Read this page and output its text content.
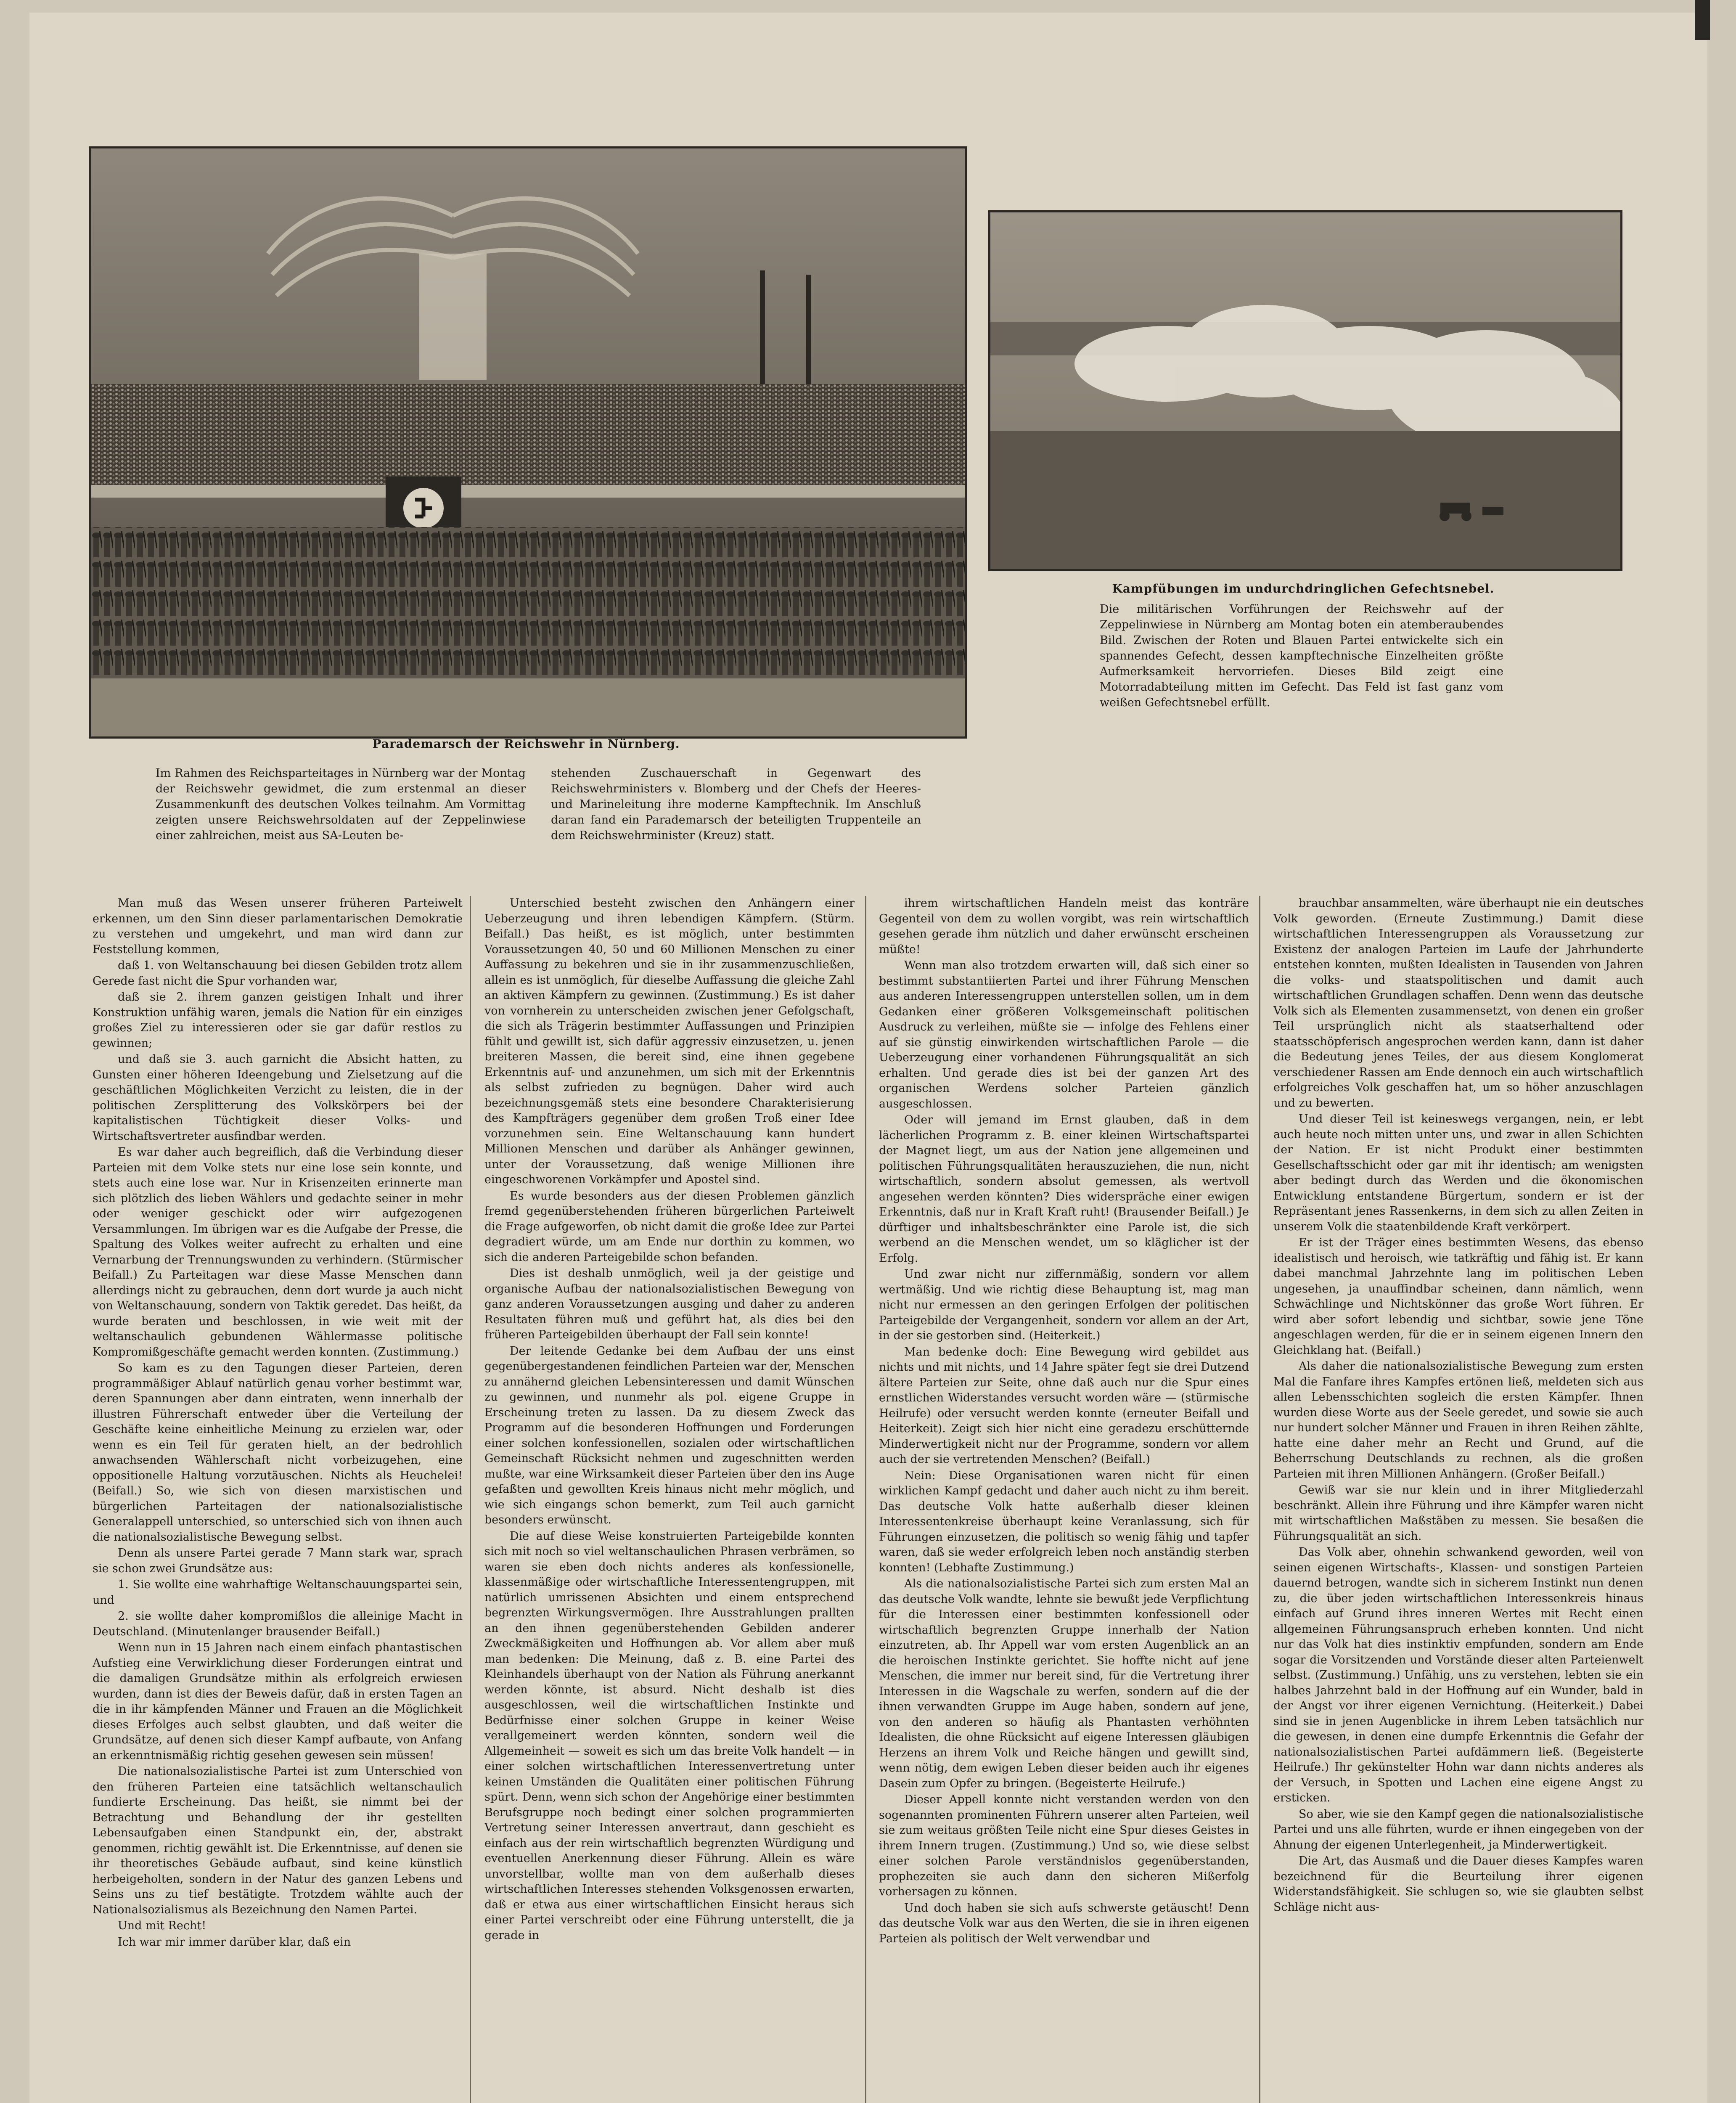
Parademarsch der Reichswehr in Nürnberg.
Kampfübungen im undurchdringlichen Gefechtsnebel.
Die militärischen Vorführungen der Reichswehr auf der Zeppelinwiese in Nürnberg am Montag boten ein atemberaubendes Bild. Zwischen der Roten und Blauen Partei entwickelte sich ein spannendes Gefecht, dessen kampftechnische Einzelheiten größte Aufmerksamkeit hervorriefen. Dieses Bild zeigt eine Motorradabteilung mitten im Gefecht. Das Feld ist fast ganz vom weißen Gefechtsnebel erfüllt.
Im Rahmen des Reichsparteitages in Nürnberg war der Montag der Reichswehr gewidmet, die zum erstenmal an dieser Zusammenkunft des deutschen Volkes teilnahm. Am Vormittag zeigten unsere Reichswehrsoldaten auf der Zeppelinwiese einer zahlreichen, meist aus SA-Leuten be-
stehenden Zuschauerschaft in Gegenwart des Reichswehrministers v. Blomberg und der Chefs der Heeres- und Marineleitung ihre moderne Kampftechnik. Im Anschluß daran fand ein Parademarsch der beteiligten Truppenteile an dem Reichswehrminister (Kreuz) statt.

Man muß das Wesen unserer früheren Parteiwelt erkennen, um den Sinn dieser parlamentarischen Demokratie zu verstehen und umgekehrt, und man wird dann zur Feststellung kommen,

daß 1. von Weltanschauung bei diesen Gebilden trotz allem Gerede fast nicht die Spur vorhanden war,

daß sie 2. ihrem ganzen geistigen Inhalt und ihrer Konstruktion unfähig waren, jemals die Nation für ein einziges großes Ziel zu interessieren oder sie gar dafür restlos zu gewinnen;

und daß sie 3. auch garnicht die Absicht hatten, zu Gunsten einer höheren Ideengebung und Zielsetzung auf die geschäftlichen Möglichkeiten Verzicht zu leisten, die in der politischen Zersplitterung des Volkskörpers bei der kapitalistischen Tüchtigkeit dieser Volks- und Wirtschaftsvertreter ausfindbar werden.

Es war daher auch begreiflich, daß die Verbindung dieser Parteien mit dem Volke stets nur eine lose sein konnte, und stets auch eine lose war. Nur in Krisenzeiten erinnerte man sich plötzlich des lieben Wählers und gedachte seiner in mehr oder weniger geschickt oder wirr aufgezogenen Versammlungen. Im übrigen war es die Aufgabe der Presse, die Spaltung des Volkes weiter aufrecht zu erhalten und eine Vernarbung der Trennungswunden zu verhindern. (Stürmischer Beifall.) Zu Parteitagen war diese Masse Menschen dann allerdings nicht zu gebrauchen, denn dort wurde ja auch nicht von Weltanschauung, sondern von Taktik geredet. Das heißt, da wurde beraten und beschlossen, in wie weit mit der weltanschaulich gebundenen Wählermasse politische Kompromißgeschäfte gemacht werden konnten. (Zustimmung.)

So kam es zu den Tagungen dieser Parteien, deren programmäßiger Ablauf natürlich genau vorher bestimmt war, deren Spannungen aber dann eintraten, wenn innerhalb der illustren Führerschaft entweder über die Verteilung der Geschäfte keine einheitliche Meinung zu erzielen war, oder wenn es ein Teil für geraten hielt, an der bedrohlich anwachsenden Wählerschaft nicht vorbeizugehen, eine oppositionelle Haltung vorzutäuschen. Nichts als Heuchelei! (Beifall.) So, wie sich von diesen marxistischen und bürgerlichen Parteitagen der nationalsozialistische Generalappell unterschied, so unterschied sich von ihnen auch die nationalsozialistische Bewegung selbst.

Denn als unsere Partei gerade 7 Mann stark war, sprach sie schon zwei Grundsätze aus:

1. Sie wollte eine wahrhaftige Weltanschauungspartei sein, und

2. sie wollte daher kompromißlos die alleinige Macht in Deutschland. (Minutenlanger brausender Beifall.)

Wenn nun in 15 Jahren nach einem einfach phantastischen Aufstieg eine Verwirklichung dieser Forderungen eintrat und die damaligen Grundsätze mithin als erfolgreich erwiesen wurden, dann ist dies der Beweis dafür, daß in ersten Tagen an die in ihr kämpfenden Männer und Frauen an die Möglichkeit dieses Erfolges auch selbst glaubten, und daß weiter die Grundsätze, auf denen sich dieser Kampf aufbaute, von Anfang an erkenntnismäßig richtig gesehen gewesen sein müssen!

Die nationalsozialistische Partei ist zum Unterschied von den früheren Parteien eine tatsächlich weltanschaulich fundierte Erscheinung. Das heißt, sie nimmt bei der Betrachtung und Behandlung der ihr gestellten Lebensaufgaben einen Standpunkt ein, der, abstrakt genommen, richtig gewählt ist. Die Erkenntnisse, auf denen sie ihr theoretisches Gebäude aufbaut, sind keine künstlich herbeigeholten, sondern in der Natur des ganzen Lebens und Seins uns zu tief bestätigte. Trotzdem wählte auch der Nationalsozialismus als Bezeichnung den Namen Partei.

Und mit Recht!

Ich war mir immer darüber klar, daß ein

Unterschied besteht zwischen den Anhängern einer Ueberzeugung und ihren lebendigen Kämpfern. (Stürm. Beifall.) Das heißt, es ist möglich, unter bestimmten Voraussetzungen 40, 50 und 60 Millionen Menschen zu einer Auffassung zu bekehren und sie in ihr zusammenzuschließen, allein es ist unmöglich, für dieselbe Auffassung die gleiche Zahl an aktiven Kämpfern zu gewinnen. (Zustimmung.) Es ist daher von vornherein zu unterscheiden zwischen jener Gefolgschaft, die sich als Trägerin bestimmter Auffassungen und Prinzipien fühlt und gewillt ist, sich dafür aggressiv einzusetzen, u. jenen breiteren Massen, die bereit sind, eine ihnen gegebene Erkenntnis auf- und anzunehmen, um sich mit der Erkenntnis als selbst zufrieden zu begnügen. Daher wird auch bezeichnungsgemäß stets eine besondere Charakterisierung des Kampfträgers gegenüber dem großen Troß einer Idee vorzunehmen sein. Eine Weltanschauung kann hundert Millionen Menschen und darüber als Anhänger gewinnen, unter der Voraussetzung, daß wenige Millionen ihre eingeschworenen Vorkämpfer und Apostel sind.

Es wurde besonders aus der diesen Problemen gänzlich fremd gegenüberstehenden früheren bürgerlichen Parteiwelt die Frage aufgeworfen, ob nicht damit die große Idee zur Partei degradiert würde, um am Ende nur dorthin zu kommen, wo sich die anderen Parteigebilde schon befanden.

Dies ist deshalb unmöglich, weil ja der geistige und organische Aufbau der nationalsozialistischen Bewegung von ganz anderen Voraussetzungen ausging und daher zu anderen Resultaten führen muß und geführt hat, als dies bei den früheren Parteigebilden überhaupt der Fall sein konnte!

Der leitende Gedanke bei dem Aufbau der uns einst gegenübergestandenen feindlichen Parteien war der, Menschen zu annähernd gleichen Lebensinteressen und damit Wünschen zu gewinnen, und nunmehr als pol. eigene Gruppe in Erscheinung treten zu lassen. Da zu diesem Zweck das Programm auf die besonderen Hoffnungen und Forderungen einer solchen konfessionellen, sozialen oder wirtschaftlichen Gemeinschaft Rücksicht nehmen und zugeschnitten werden mußte, war eine Wirksamkeit dieser Parteien über den ins Auge gefaßten und gewollten Kreis hinaus nicht mehr möglich, und wie sich eingangs schon bemerkt, zum Teil auch garnicht besonders erwünscht.

Die auf diese Weise konstruierten Parteigebilde konnten sich mit noch so viel weltanschaulichen Phrasen verbrämen, so waren sie eben doch nichts anderes als konfessionelle, klassenmäßige oder wirtschaftliche Interessentengruppen, mit natürlich umrissenen Absichten und einem entsprechend begrenzten Wirkungsvermögen. Ihre Ausstrahlungen prallten an den ihnen gegenüberstehenden Gebilden anderer Zweckmäßigkeiten und Hoffnungen ab. Vor allem aber muß man bedenken: Die Meinung, daß z. B. eine Partei des Kleinhandels überhaupt von der Nation als Führung anerkannt werden könnte, ist absurd. Nicht deshalb ist dies ausgeschlossen, weil die wirtschaftlichen Instinkte und Bedürfnisse einer solchen Gruppe in keiner Weise verallgemeinert werden könnten, sondern weil die Allgemeinheit — soweit es sich um das breite Volk handelt — in einer solchen wirtschaftlichen Interessenvertretung unter keinen Umständen die Qualitäten einer politischen Führung spürt. Denn, wenn sich schon der Angehörige einer bestimmten Berufsgruppe noch bedingt einer solchen programmierten Vertretung seiner Interessen anvertraut, dann geschieht es einfach aus der rein wirtschaftlich begrenzten Würdigung und eventuellen Anerkennung dieser Führung. Allein es wäre unvorstellbar, wollte man von dem außerhalb dieses wirtschaftlichen Interesses stehenden Volksgenossen erwarten, daß er etwa aus einer wirtschaftlichen Einsicht heraus sich einer Partei verschreibt oder eine Führung unterstellt, die ja gerade in

ihrem wirtschaftlichen Handeln meist das konträre Gegenteil von dem zu wollen vorgibt, was rein wirtschaftlich gesehen gerade ihm nützlich und daher erwünscht erscheinen müßte!

Wenn man also trotzdem erwarten will, daß sich einer so bestimmt substantiierten Partei und ihrer Führung Menschen aus anderen Interessengruppen unterstellen sollen, um in dem Gedanken einer größeren Volksgemeinschaft politischen Ausdruck zu verleihen, müßte sie — infolge des Fehlens einer auf sie günstig einwirkenden wirtschaftlichen Parole — die Ueberzeugung einer vorhandenen Führungsqualität an sich erhalten. Und gerade dies ist bei der ganzen Art des organischen Werdens solcher Parteien gänzlich ausgeschlossen.

Oder will jemand im Ernst glauben, daß in dem lächerlichen Programm z. B. einer kleinen Wirtschaftspartei der Magnet liegt, um aus der Nation jene allgemeinen und politischen Führungsqualitäten herauszuziehen, die nun, nicht wirtschaftlich, sondern absolut gemessen, als wertvoll angesehen werden könnten? Dies widerspräche einer ewigen Erkenntnis, daß nur in Kraft Kraft ruht! (Brausender Beifall.) Je dürftiger und inhaltsbeschränkter eine Parole ist, die sich werbend an die Menschen wendet, um so kläglicher ist der Erfolg.

Und zwar nicht nur ziffernmäßig, sondern vor allem wertmäßig. Und wie richtig diese Behauptung ist, mag man nicht nur ermessen an den geringen Erfolgen der politischen Parteigebilde der Vergangenheit, sondern vor allem an der Art, in der sie gestorben sind. (Heiterkeit.)

Man bedenke doch: Eine Bewegung wird gebildet aus nichts und mit nichts, und 14 Jahre später fegt sie drei Dutzend ältere Parteien zur Seite, ohne daß auch nur die Spur eines ernstlichen Widerstandes versucht worden wäre — (stürmische Heilrufe) oder versucht werden konnte (erneuter Beifall und Heiterkeit). Zeigt sich hier nicht eine geradezu erschütternde Minderwertigkeit nicht nur der Programme, sondern vor allem auch der sie vertretenden Menschen? (Beifall.)

Nein: Diese Organisationen waren nicht für einen wirklichen Kampf gedacht und daher auch nicht zu ihm bereit. Das deutsche Volk hatte außerhalb dieser kleinen Interessentenkreise überhaupt keine Veranlassung, sich für Führungen einzusetzen, die politisch so wenig fähig und tapfer waren, daß sie weder erfolgreich leben noch anständig sterben konnten! (Lebhafte Zustimmung.)

Als die nationalsozialistische Partei sich zum ersten Mal an das deutsche Volk wandte, lehnte sie bewußt jede Verpflichtung für die Interessen einer bestimmten konfessionell oder wirtschaftlich begrenzten Gruppe innerhalb der Nation einzutreten, ab. Ihr Appell war vom ersten Augenblick an an die heroischen Instinkte gerichtet. Sie hoffte nicht auf jene Menschen, die immer nur bereit sind, für die Vertretung ihrer Interessen in die Wagschale zu werfen, sondern auf die der ihnen verwandten Gruppe im Auge haben, sondern auf jene, von den anderen so häufig als Phantasten verhöhnten Idealisten, die ohne Rücksicht auf eigene Interessen gläubigen Herzens an ihrem Volk und Reiche hängen und gewillt sind, wenn nötig, dem ewigen Leben dieser beiden auch ihr eigenes Dasein zum Opfer zu bringen. (Begeisterte Heilrufe.)

Dieser Appell konnte nicht verstanden werden von den sogenannten prominenten Führern unserer alten Parteien, weil sie zum weitaus größten Teile nicht eine Spur dieses Geistes in ihrem Innern trugen. (Zustimmung.) Und so, wie diese selbst einer solchen Parole verständnislos gegenüberstanden, prophezeiten sie auch dann den sicheren Mißerfolg vorhersagen zu können.

Und doch haben sie sich aufs schwerste getäuscht! Denn das deutsche Volk war aus den Werten, die sie in ihren eigenen Parteien als politisch der Welt verwendbar und

brauchbar ansammelten, wäre überhaupt nie ein deutsches Volk geworden. (Erneute Zustimmung.) Damit diese wirtschaftlichen Interessengruppen als Voraussetzung zur Existenz der analogen Parteien im Laufe der Jahrhunderte entstehen konnten, mußten Idealisten in Tausenden von Jahren die volks- und staatspolitischen und damit auch wirtschaftlichen Grundlagen schaffen. Denn wenn das deutsche Volk sich als Elementen zusammensetzt, von denen ein großer Teil ursprünglich nicht als staatserhaltend oder staatsschöpferisch angesprochen werden kann, dann ist daher die Bedeutung jenes Teiles, der aus diesem Konglomerat verschiedener Rassen am Ende dennoch ein auch wirtschaftlich erfolgreiches Volk geschaffen hat, um so höher anzuschlagen und zu bewerten.

Und dieser Teil ist keineswegs vergangen, nein, er lebt auch heute noch mitten unter uns, und zwar in allen Schichten der Nation. Er ist nicht Produkt einer bestimmten Gesellschaftsschicht oder gar mit ihr identisch; am wenigsten aber bedingt durch das Werden und die ökonomischen Entwicklung entstandene Bürgertum, sondern er ist der Repräsentant jenes Rassenkerns, in dem sich zu allen Zeiten in unserem Volk die staatenbildende Kraft verkörpert.

Er ist der Träger eines bestimmten Wesens, das ebenso idealistisch und heroisch, wie tatkräftig und fähig ist. Er kann dabei manchmal Jahrzehnte lang im politischen Leben ungesehen, ja unauffindbar scheinen, dann nämlich, wenn Schwächlinge und Nichtskönner das große Wort führen. Er wird aber sofort lebendig und sichtbar, sowie jene Töne angeschlagen werden, für die er in seinem eigenen Innern den Gleichklang hat. (Beifall.)

Als daher die nationalsozialistische Bewegung zum ersten Mal die Fanfare ihres Kampfes ertönen ließ, meldeten sich aus allen Lebensschichten sogleich die ersten Kämpfer. Ihnen wurden diese Worte aus der Seele geredet, und sowie sie auch nur hundert solcher Männer und Frauen in ihren Reihen zählte, hatte eine daher mehr an Recht und Grund, auf die Beherrschung Deutschlands zu rechnen, als die großen Parteien mit ihren Millionen Anhängern. (Großer Beifall.)

Gewiß war sie nur klein und in ihrer Mitgliederzahl beschränkt. Allein ihre Führung und ihre Kämpfer waren nicht mit wirtschaftlichen Maßstäben zu messen. Sie besaßen die Führungsqualität an sich.

Das Volk aber, ohnehin schwankend geworden, weil von seinen eigenen Wirtschafts-, Klassen- und sonstigen Parteien dauernd betrogen, wandte sich in sicherem Instinkt nun denen zu, die über jeden wirtschaftlichen Interessenkreis hinaus einfach auf Grund ihres inneren Wertes mit Recht einen allgemeinen Führungsanspruch erheben konnten. Und nicht nur das Volk hat dies instinktiv empfunden, sondern am Ende sogar die Vorsitzenden und Vorstände dieser alten Parteienwelt selbst. (Zustimmung.) Unfähig, uns zu verstehen, lebten sie ein halbes Jahrzehnt bald in der Hoffnung auf ein Wunder, bald in der Angst vor ihrer eigenen Vernichtung. (Heiterkeit.) Dabei sind sie in jenen Augenblicke in ihrem Leben tatsächlich nur die gewesen, in denen eine dumpfe Erkenntnis die Gefahr der nationalsozialistischen Partei aufdämmern ließ. (Begeisterte Heilrufe.) Ihr gekünstelter Hohn war dann nichts anderes als der Versuch, in Spotten und Lachen eine eigene Angst zu ersticken.

So aber, wie sie den Kampf gegen die nationalsozialistische Partei und uns alle führten, wurde er ihnen eingegeben von der Ahnung der eigenen Unterlegenheit, ja Minderwertigkeit.

Die Art, das Ausmaß und die Dauer dieses Kampfes waren bezeichnend für die Beurteilung ihrer eigenen Widerstandsfähigkeit. Sie schlugen so, wie sie glaubten selbst Schläge nicht aus-
